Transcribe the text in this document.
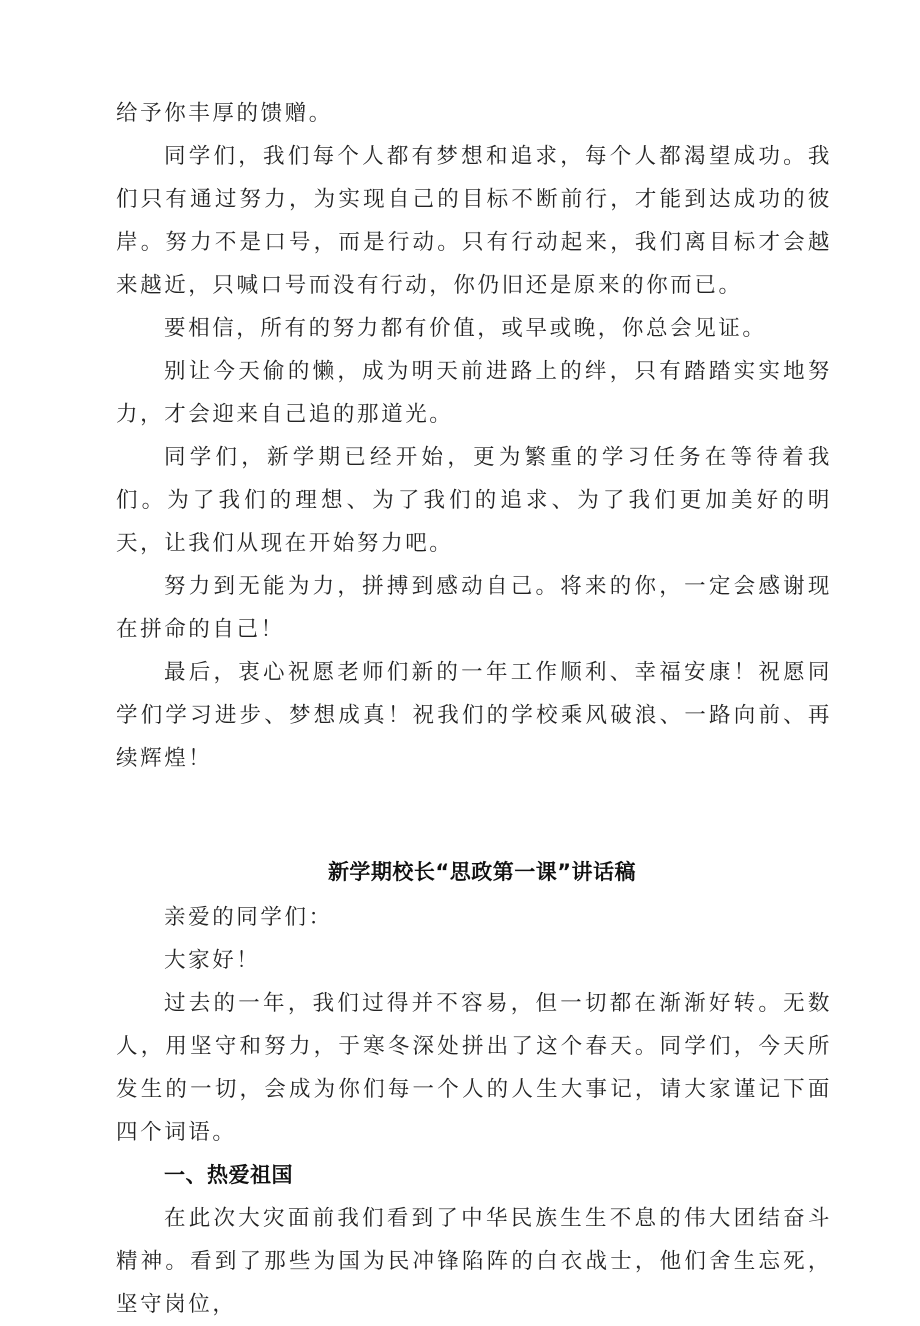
给予你丰厚的馈赠。

同学们，我们每个人都有梦想和追求，每个人都渴望成功。我们只有通过努力，为实现自己的目标不断前行，才能到达成功的彼岸。努力不是口号，而是行动。只有行动起来，我们离目标才会越来越近，只喊口号而没有行动，你仍旧还是原来的你而已。

要相信，所有的努力都有价值，或早或晚，你总会见证。

别让今天偷的懒，成为明天前进路上的绊，只有踏踏实实地努力，才会迎来自己追的那道光。

同学们，新学期已经开始，更为繁重的学习任务在等待着我们。为了我们的理想、为了我们的追求、为了我们更加美好的明天，让我们从现在开始努力吧。

努力到无能为力，拼搏到感动自己。将来的你，一定会感谢现在拼命的自己！

最后，衷心祝愿老师们新的一年工作顺利、幸福安康！祝愿同学们学习进步、梦想成真！祝我们的学校乘风破浪、一路向前、再续辉煌！

新学期校长“思政第一课”讲话稿

亲爱的同学们：

大家好！

过去的一年，我们过得并不容易，但一切都在渐渐好转。无数人，用坚守和努力，于寒冬深处拼出了这个春天。同学们，今天所发生的一切，会成为你们每一个人的人生大事记，请大家谨记下面四个词语。

一、热爱祖国

在此次大灾面前我们看到了中华民族生生不息的伟大团结奋斗精神。看到了那些为国为民冲锋陷阵的白衣战士，他们舍生忘死，坚守岗位，
